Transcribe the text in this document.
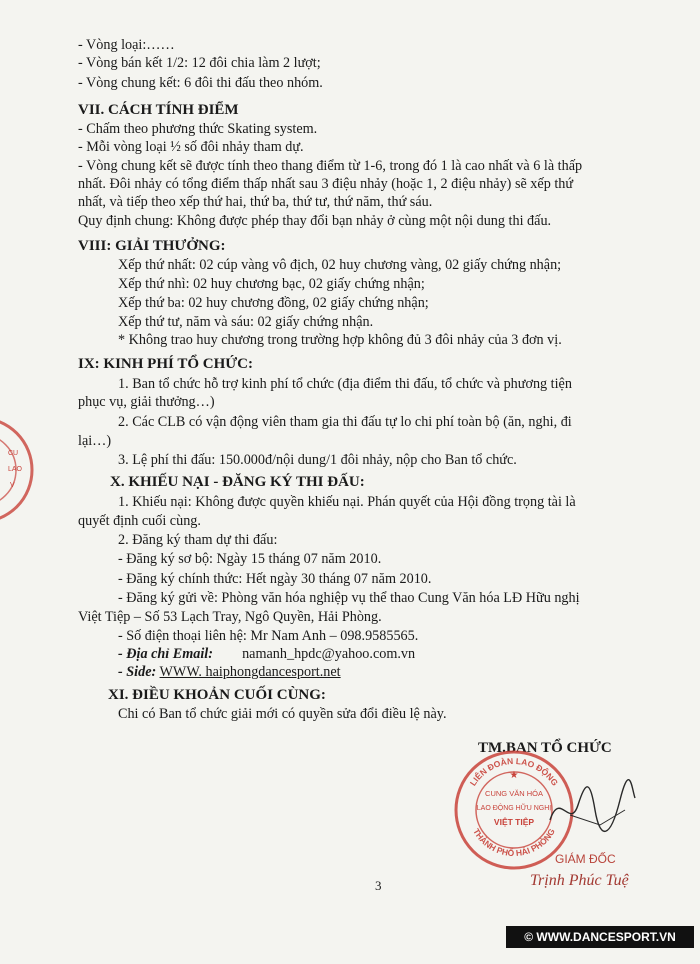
- Vòng loại:……
- Vòng bán kết 1/2: 12 đôi chia làm 2 lượt;
- Vòng chung kết: 6 đôi thi đấu theo nhóm.
VII. CÁCH TÍNH ĐIỂM
- Chấm theo phương thức Skating system.
- Mỗi vòng loại ½ số đôi nhảy tham dự.
- Vòng chung kết sẽ được tính theo thang điểm từ 1-6, trong đó 1 là cao nhất và 6 là thấp
nhất. Đôi nhảy có tổng điểm thấp nhất sau 3 điệu nhảy (hoặc 1, 2 điệu nhảy) sẽ xếp thứ
nhất, và tiếp theo xếp thứ hai, thứ ba, thứ tư, thứ năm, thứ sáu.
Quy định chung: Không được phép thay đổi bạn nhảy ở cùng một nội dung thi đấu.
VIII: GIẢI THƯỞNG:
Xếp thứ nhất: 02 cúp vàng vô địch, 02 huy chương vàng, 02 giấy chứng nhận;
Xếp thứ nhì: 02 huy chương bạc, 02 giấy chứng nhận;
Xếp thứ ba: 02 huy chương đồng, 02 giấy chứng nhận;
Xếp thứ tư, năm và sáu: 02 giấy chứng nhận.
* Không trao huy chương trong trường hợp không đủ 3 đôi nhảy của 3 đơn vị.
IX: KINH PHÍ TỔ CHỨC:
1. Ban tổ chức hỗ trợ kinh phí tổ chức (địa điểm thi đấu, tổ chức và phương tiện
phục vụ, giải thưởng…)
2. Các CLB có vận động viên tham gia thi đấu tự lo chi phí toàn bộ (ăn, nghi, đi
lại…)
3. Lệ phí thi đấu: 150.000đ/nội dung/1 đôi nhảy, nộp cho Ban tổ chức.
X. KHIẾU NẠI - ĐĂNG KÝ THI ĐẤU:
1. Khiếu nại: Không được quyền khiếu nại. Phán quyết của Hội đồng trọng tài là
quyết định cuối cùng.
2. Đăng ký tham dự thi đấu:
- Đăng ký sơ bộ: Ngày 15 tháng 07 năm 2010.
- Đăng ký chính thức: Hết ngày 30 tháng 07 năm 2010.
- Đăng ký gửi về: Phòng văn hóa nghiệp vụ thể thao Cung Văn hóa LĐ Hữu nghị
Việt Tiệp – Số 53 Lạch Tray, Ngô Quyền, Hải Phòng.
- Số điện thoại liên hệ: Mr Nam Anh – 098.9585565.
- Địa chỉ Email: namanh_hpdc@yahoo.com.vn
- Side: WWW. haiphongdancesport.net
XI. ĐIỀU KHOẢN CUỐI CÙNG:
Chi có Ban tổ chức giải mới có quyền sửa đổi điều lệ này.
TM.BAN TỔ CHỨC
LIÊN ĐOÀN LAO ĐỘNG
THÀNH PHỐ HẢI PHÒNG
CUNG VĂN HÓA
LAO ĐỘNG HỮU NGHỊ
VIỆT TIỆP
★
GIÁM ĐỐC
Trịnh Phúc Tuệ
CU
LAO
V
3
© WWW.DANCESPORT.VN
